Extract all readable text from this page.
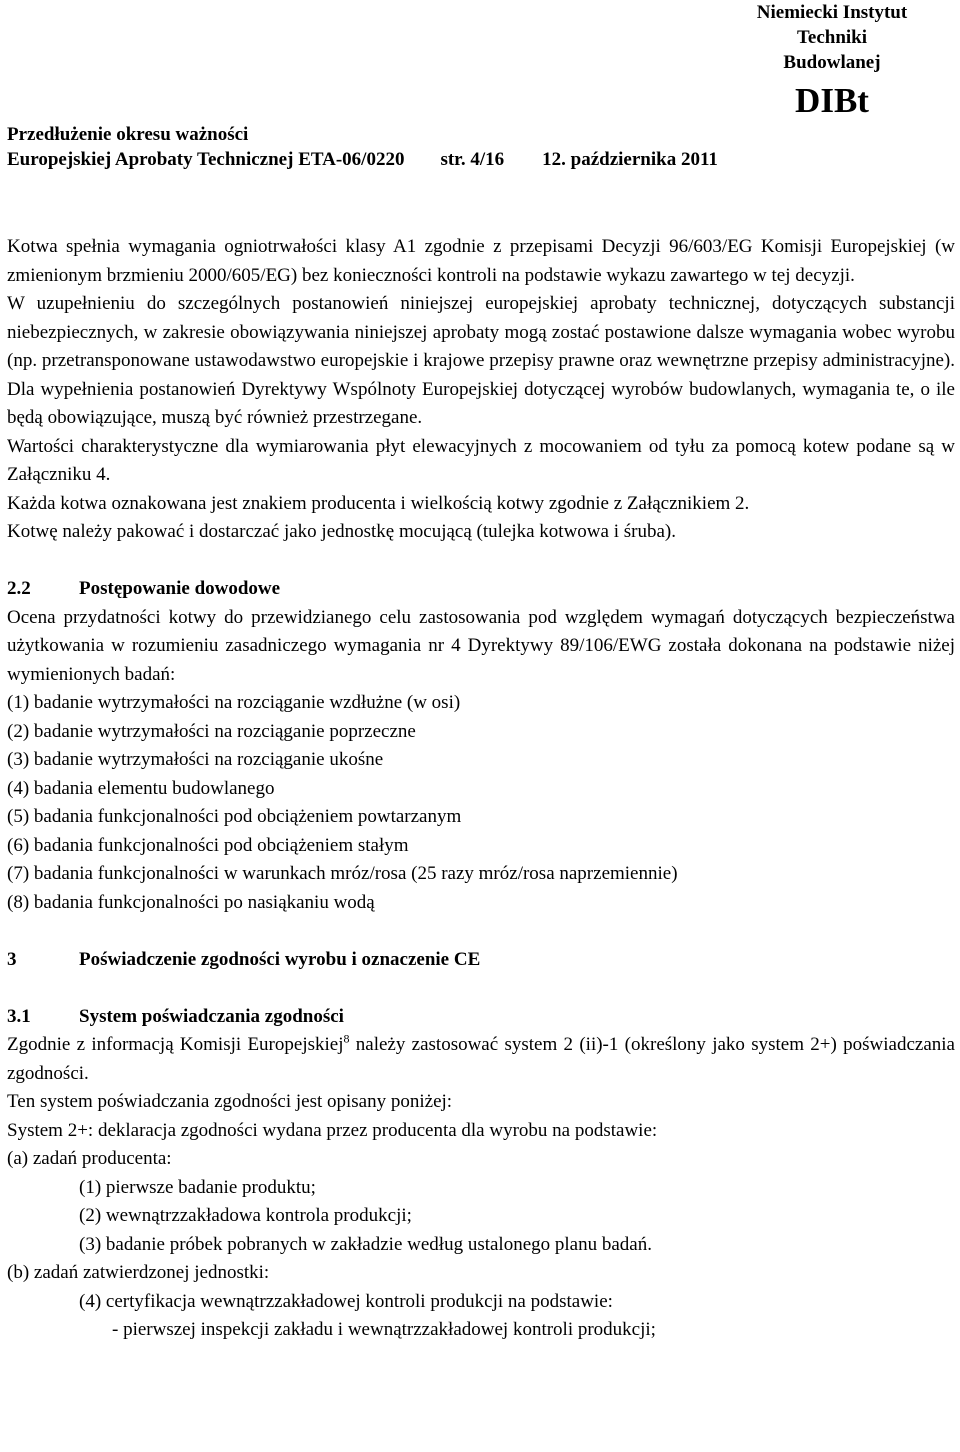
Niemiecki Instytut
Techniki
Budowlanej
DIBt
Przedłużenie okresu ważności
Europejskiej Aprobaty Technicznej ETA-06/0220 str. 4/16 12. października 2011

Kotwa spełnia wymagania ogniotrwałości klasy A1 zgodnie z przepisami Decyzji 96/603/EG Komisji Europejskiej (w zmienionym brzmieniu 2000/605/EG) bez konieczności kontroli na podstawie wykazu zawartego w tej decyzji.

W uzupełnieniu do szczególnych postanowień niniejszej europejskiej aprobaty technicznej, dotyczących substancji niebezpiecznych, w zakresie obowiązywania niniejszej aprobaty mogą zostać postawione dalsze wymagania wobec wyrobu (np. przetransponowane ustawodawstwo europejskie i krajowe przepisy prawne oraz wewnętrzne przepisy administracyjne). Dla wypełnienia postanowień Dyrektywy Wspólnoty Europejskiej dotyczącej wyrobów budowlanych, wymagania te, o ile będą obowiązujące, muszą być również przestrzegane.

Wartości charakterystyczne dla wymiarowania płyt elewacyjnych z mocowaniem od tyłu za pomocą kotew podane są w Załączniku 4.

Każda kotwa oznakowana jest znakiem producenta i wielkością kotwy zgodnie z Załącznikiem 2.

Kotwę należy pakować i dostarczać jako jednostkę mocującą (tulejka kotwowa i śruba).

2.2	Postępowanie dowodowe

Ocena przydatności kotwy do przewidzianego celu zastosowania pod względem wymagań dotyczących bezpieczeństwa użytkowania w rozumieniu zasadniczego wymagania nr 4 Dyrektywy 89/106/EWG została dokonana na podstawie niżej wymienionych badań:

(1) badanie wytrzymałości na rozciąganie wzdłużne (w osi)
(2) badanie wytrzymałości na rozciąganie poprzeczne
(3) badanie wytrzymałości na rozciąganie ukośne
(4) badania elementu budowlanego
(5) badania funkcjonalności pod obciążeniem powtarzanym
(6) badania funkcjonalności pod obciążeniem stałym
(7) badania funkcjonalności w warunkach mróz/rosa (25 razy mróz/rosa naprzemiennie)
(8) badania funkcjonalności po nasiąkaniu wodą
3	Poświadczenie zgodności wyrobu i oznaczenie CE
3.1	System poświadczania zgodności

Zgodnie z informacją Komisji Europejskiej$^8$ należy zastosować system 2 (ii)-1 (określony jako system 2+) poświadczania zgodności.

Ten system poświadczania zgodności jest opisany poniżej:

System 2+: deklaracja zgodności wydana przez producenta dla wyrobu na podstawie:

(a) zadań producenta:
(1) pierwsze badanie produktu;
(2) wewnątrzzakładowa kontrola produkcji;
(3) badanie próbek pobranych w zakładzie według ustalonego planu badań.
(b) zadań zatwierdzonej jednostki:
(4) certyfikacja wewnątrzzakładowej kontroli produkcji na podstawie:
- pierwszej inspekcji zakładu i wewnątrzzakładowej kontroli produkcji;
